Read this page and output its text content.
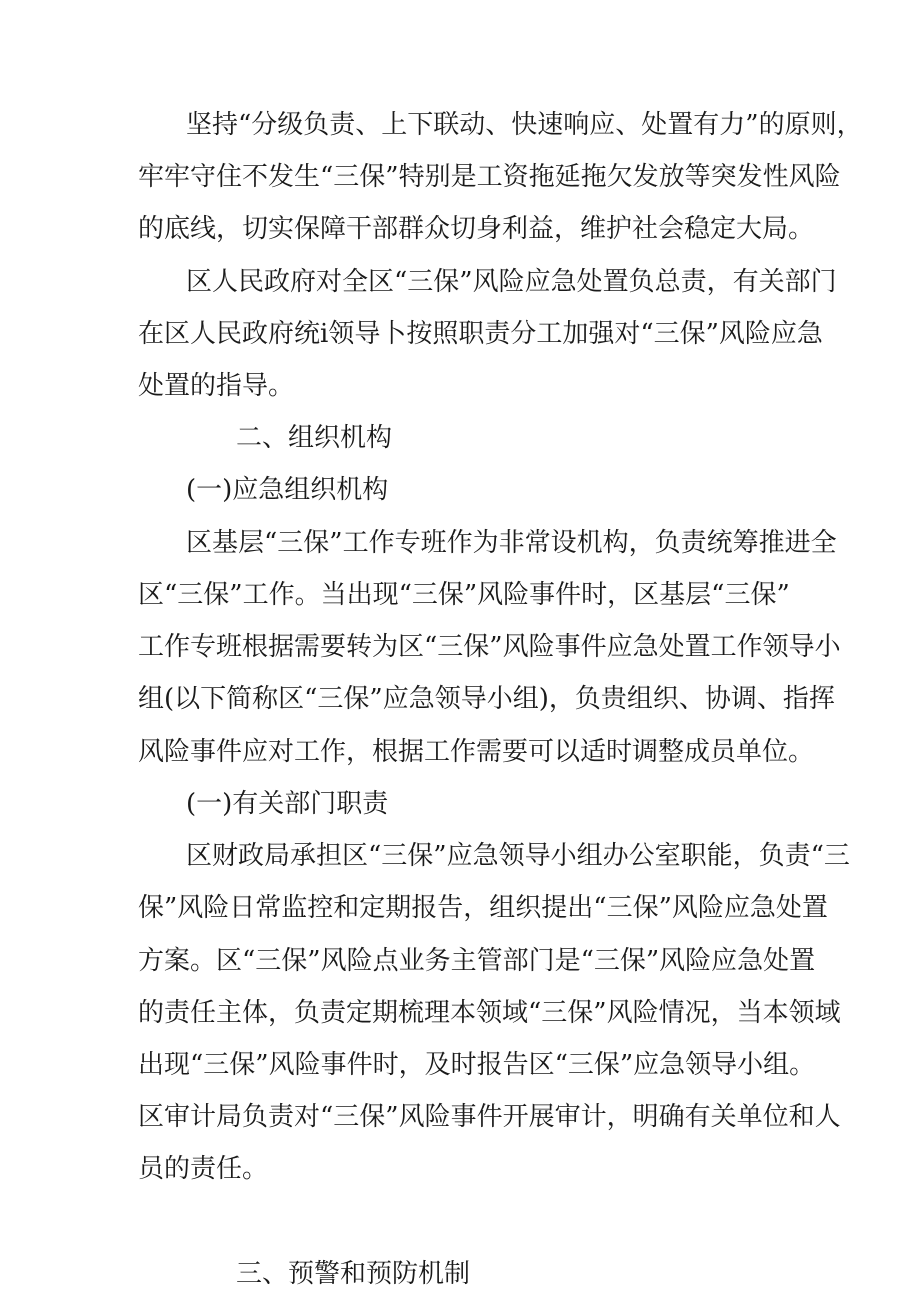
坚持“分级负责、上下联动、快速响应、处置有力”的原则，
牢牢守住不发生“三保”特别是工资拖延拖欠发放等突发性风险
的底线，切实保障干部群众切身利益，维护社会稳定大局。
区人民政府对全区“三保”风险应急处置负总责，有关部门
在区人民政府统i领导卜按照职责分工加强对“三保”风险应急
处置的指导。
二、组织机构
(一)应急组织机构
区基层“三保”工作专班作为非常设机构，负责统筹推进全
区“三保”工作。当出现“三保”风险事件时，区基层“三保”
工作专班根据需要转为区“三保”风险事件应急处置工作领导小
组(以下简称区“三保”应急领导小组)，负贵组织、协调、指挥
风险事件应对工作，根据工作需要可以适时调整成员单位。
(一)有关部门职责
区财政局承担区“三保”应急领导小组办公室职能，负责“三
保”风险日常监控和定期报告，组织提出“三保”风险应急处置
方案。区“三保”风险点业务主管部门是“三保”风险应急处置
的责任主体，负责定期梳理本领域“三保”风险情况，当本领域
出现“三保”风险事件时，及时报告区“三保”应急领导小组。
区审计局负责对“三保”风险事件开展审计，明确有关单位和人
员的责任。
三、预警和预防机制
